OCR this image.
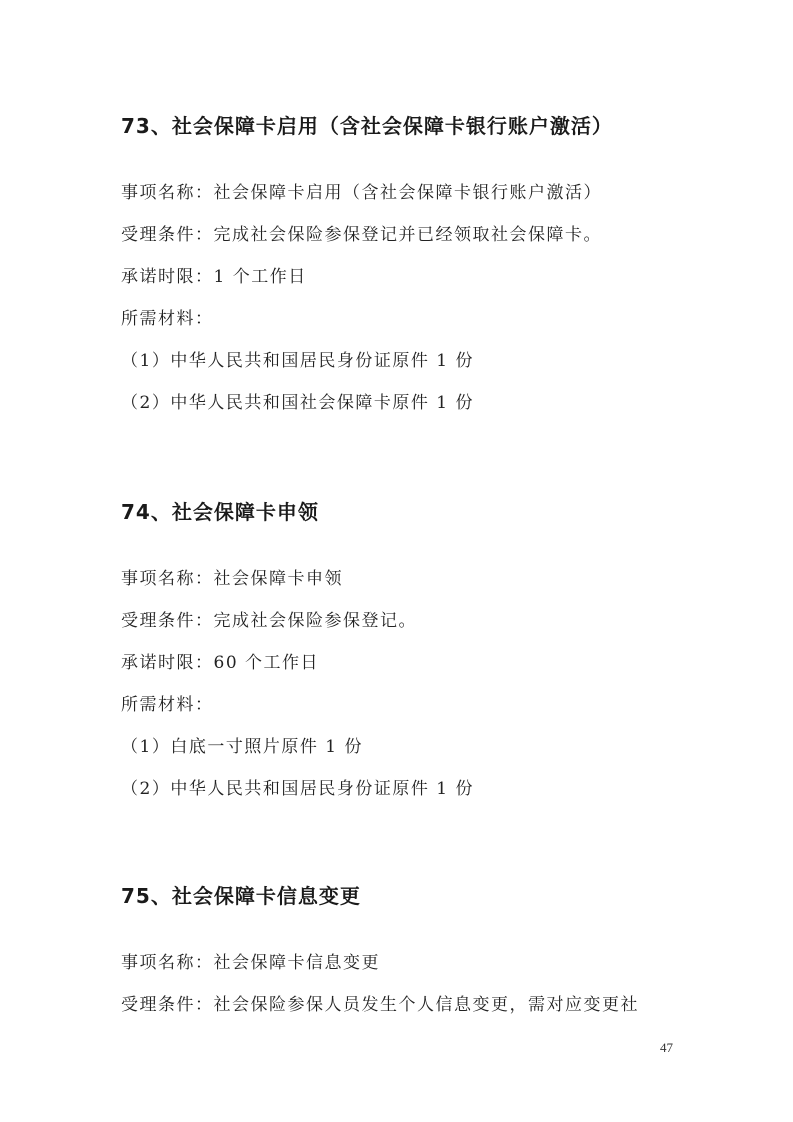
73、社会保障卡启用（含社会保障卡银行账户激活）
事项名称：社会保障卡启用（含社会保障卡银行账户激活）
受理条件：完成社会保险参保登记并已经领取社会保障卡。
承诺时限：1 个工作日
所需材料：
（1）中华人民共和国居民身份证原件 1 份
（2）中华人民共和国社会保障卡原件 1 份
74、社会保障卡申领
事项名称：社会保障卡申领
受理条件：完成社会保险参保登记。
承诺时限：60 个工作日
所需材料：
（1）白底一寸照片原件 1 份
（2）中华人民共和国居民身份证原件 1 份
75、社会保障卡信息变更
事项名称：社会保障卡信息变更
受理条件：社会保险参保人员发生个人信息变更，需对应变更社
47
